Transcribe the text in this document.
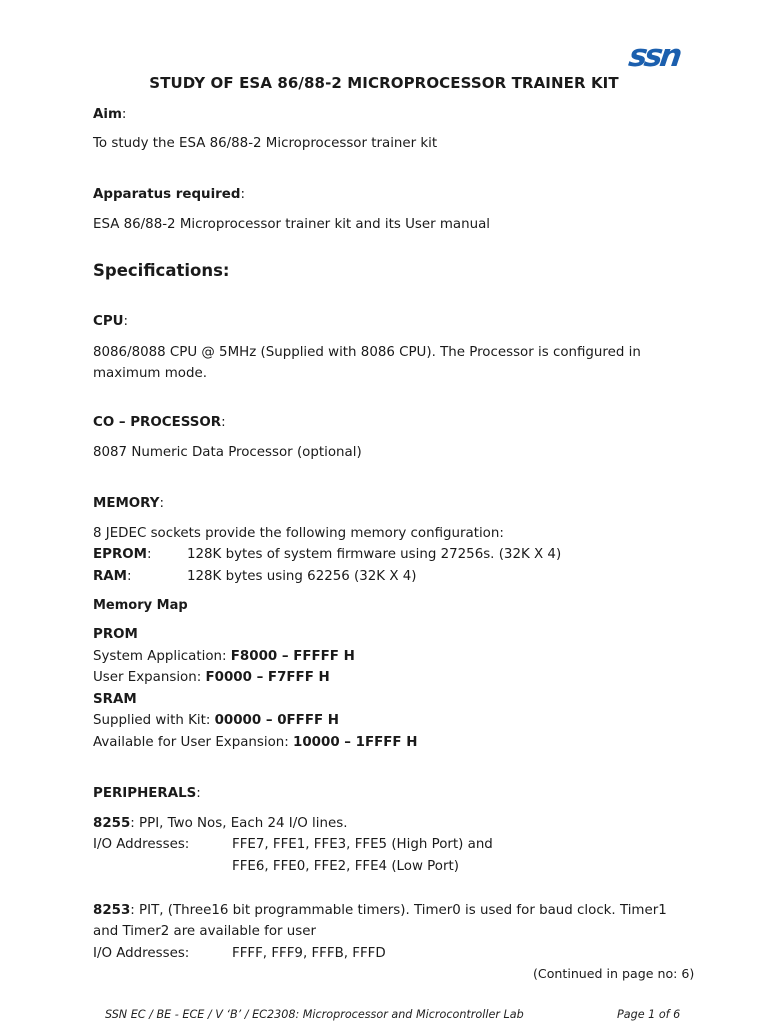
ssn
STUDY OF ESA 86/88-2 MICROPROCESSOR TRAINER KIT
Aim:
To study the ESA 86/88-2 Microprocessor trainer kit
Apparatus required:
ESA 86/88-2 Microprocessor trainer kit and its User manual
Specifications:
CPU:
8086/8088 CPU @ 5MHz (Supplied with 8086 CPU). The Processor is configured in
maximum mode.
CO – PROCESSOR:
8087 Numeric Data Processor (optional)
MEMORY:
8 JEDEC sockets provide the following memory configuration:
EPROM:	128K bytes of system firmware using 27256s. (32K X 4)
RAM:	128K bytes using 62256 (32K X 4)
Memory Map
PROM
System Application: F8000 – FFFFF H
User Expansion: F0000 – F7FFF H
SRAM
Supplied with Kit: 00000 – 0FFFF H
Available for User Expansion: 10000 – 1FFFF H
PERIPHERALS:
8255: PPI, Two Nos, Each 24 I/O lines.
I/O Addresses:	FFE7, FFE1, FFE3, FFE5 (High Port) and
FFE6, FFE0, FFE2, FFE4 (Low Port)
8253: PIT, (Three16 bit programmable timers). Timer0 is used for baud clock. Timer1
and Timer2 are available for user
I/O Addresses:	FFFF, FFF9, FFFB, FFFD
(Continued in page no: 6)
SSN EC / BE - ECE / V ‘B’ / EC2308: Microprocessor and Microcontroller Lab	Page 1 of 6
